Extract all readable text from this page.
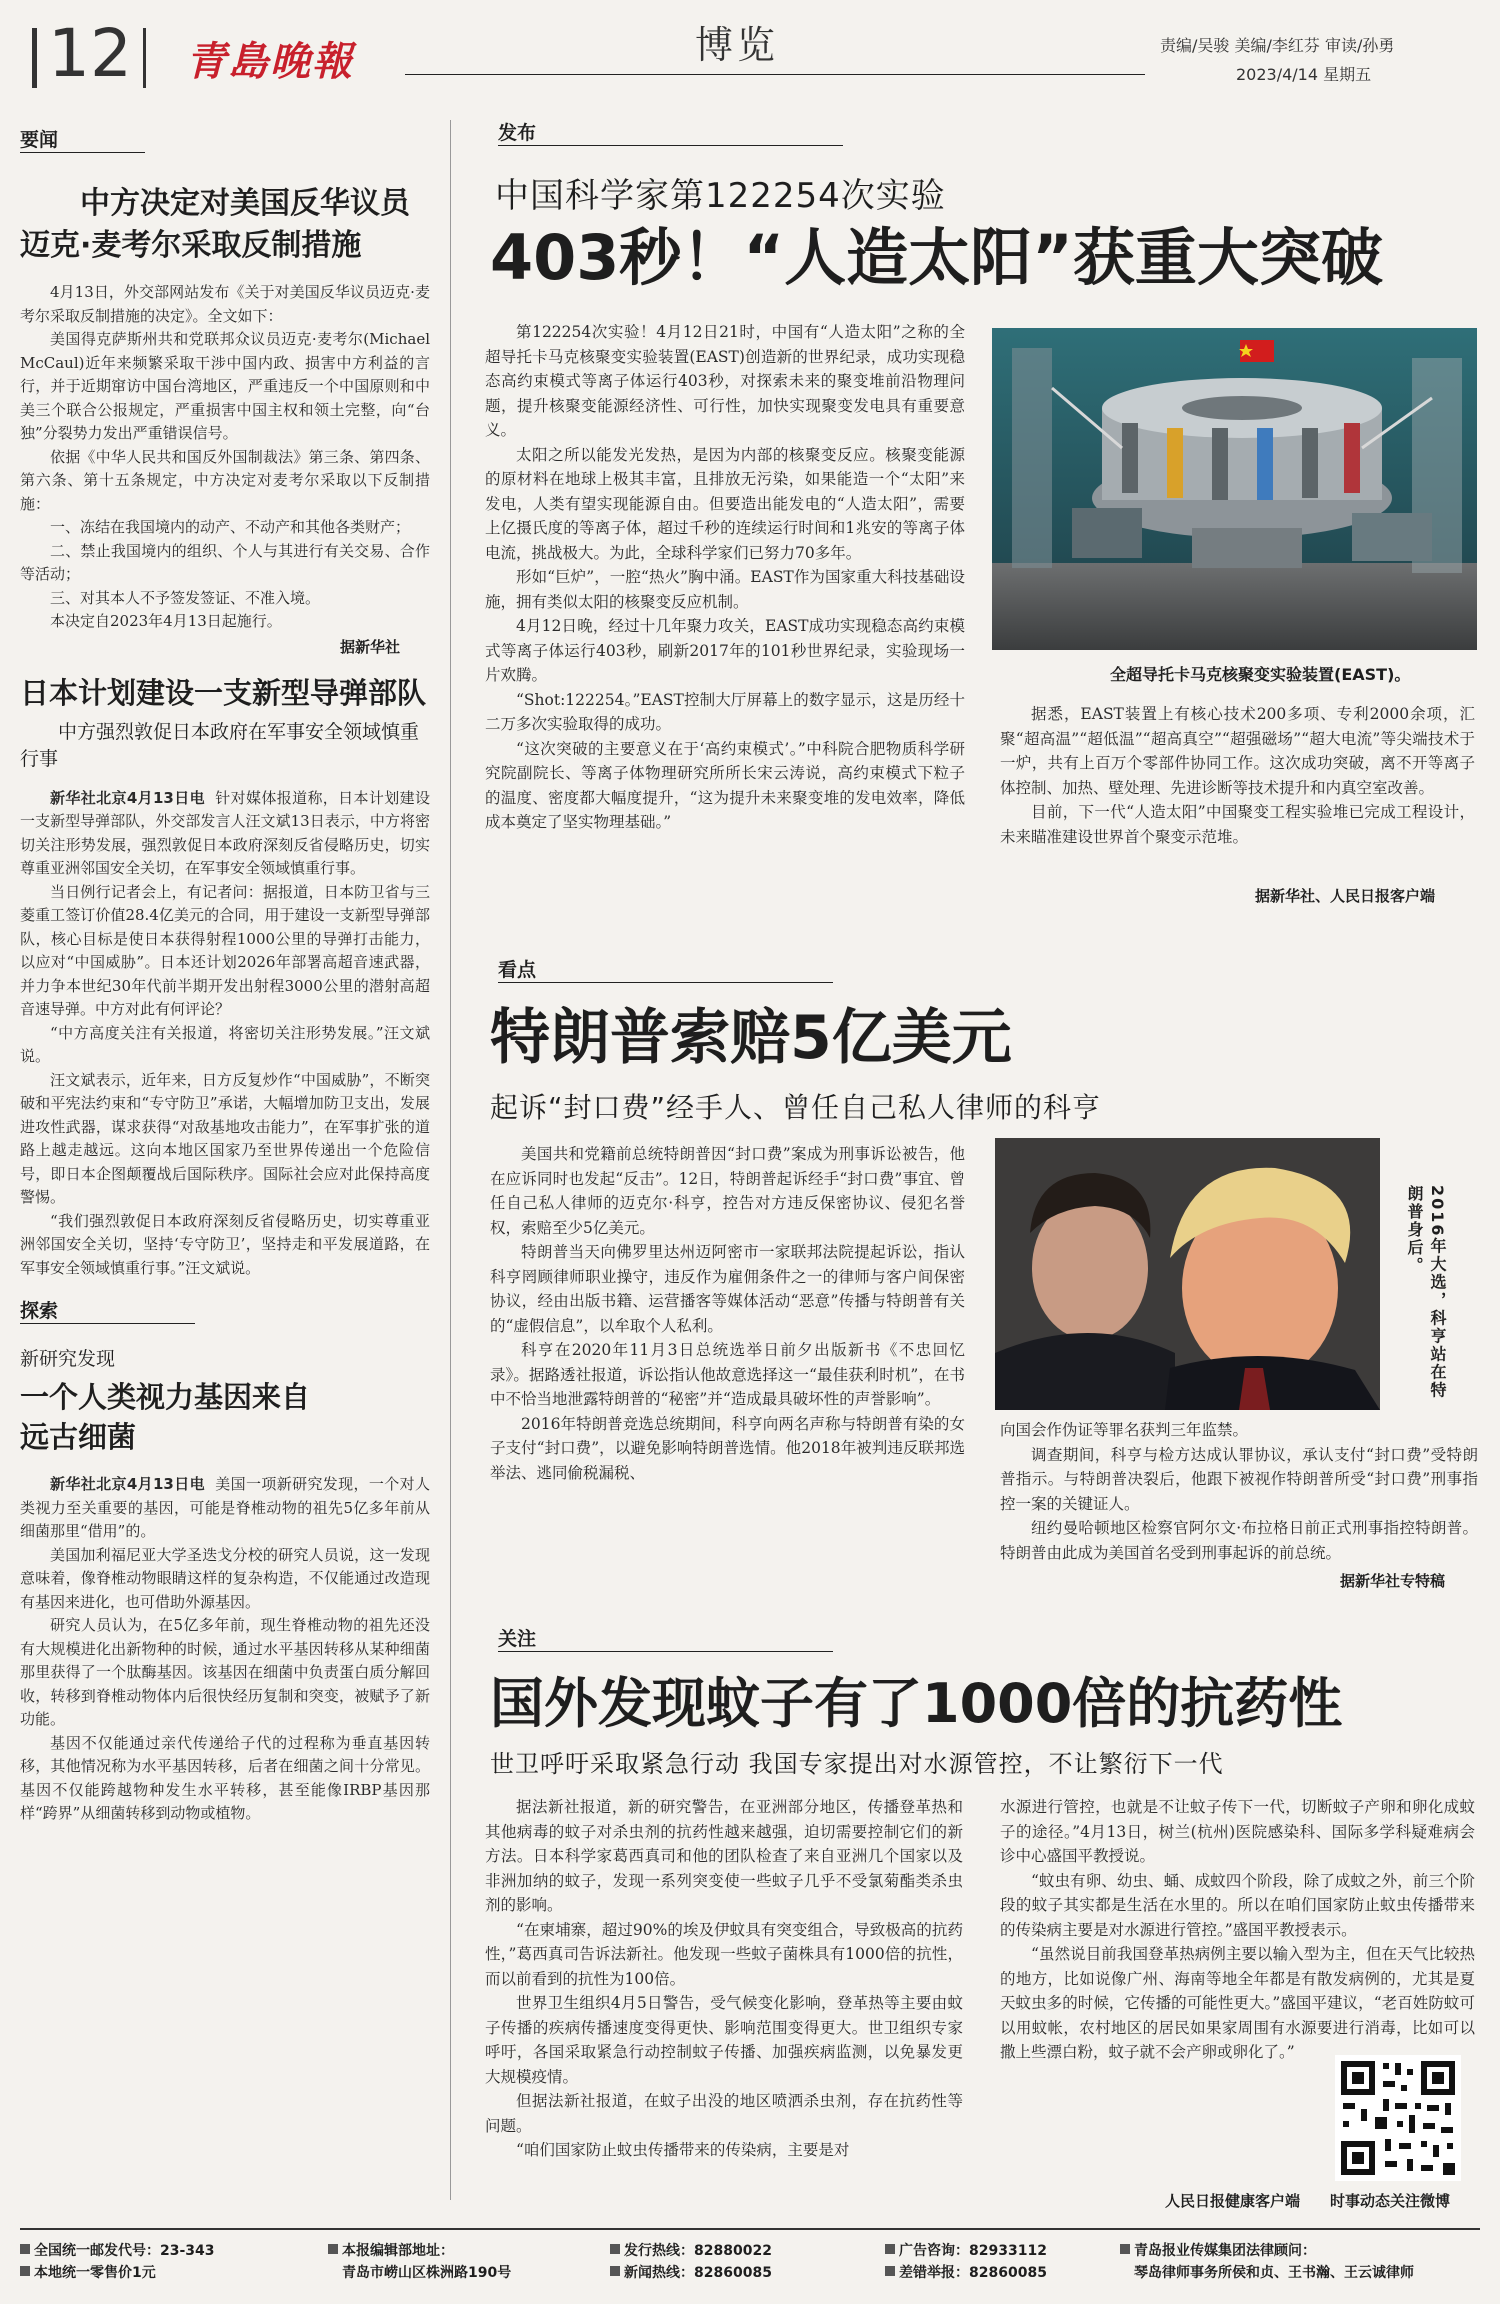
12 青島晚報	博览	责编/吴骏 美编/李红芬 审读/孙勇
2023/4/14 星期五
要闻
中方决定对美国反华议员迈克·麦考尔采取反制措施

4月13日，外交部网站发布《关于对美国反华议员迈克·麦考尔采取反制措施的决定》。全文如下：

美国得克萨斯州共和党联邦众议员迈克·麦考尔(Michael McCaul)近年来频繁采取干涉中国内政、损害中方利益的言行，并于近期窜访中国台湾地区，严重违反一个中国原则和中美三个联合公报规定，严重损害中国主权和领土完整，向“台独”分裂势力发出严重错误信号。

依据《中华人民共和国反外国制裁法》第三条、第四条、第六条、第十五条规定，中方决定对麦考尔采取以下反制措施：

一、冻结在我国境内的动产、不动产和其他各类财产；

二、禁止我国境内的组织、个人与其进行有关交易、合作等活动；

三、对其本人不予签发签证、不准入境。

本决定自2023年4月13日起施行。

据新华社
日本计划建设一支新型导弹部队
中方强烈敦促日本政府在军事安全领域慎重行事

新华社北京4月13日电 针对媒体报道称，日本计划建设一支新型导弹部队，外交部发言人汪文斌13日表示，中方将密切关注形势发展，强烈敦促日本政府深刻反省侵略历史，切实尊重亚洲邻国安全关切，在军事安全领域慎重行事。

当日例行记者会上，有记者问：据报道，日本防卫省与三菱重工签订价值28.4亿美元的合同，用于建设一支新型导弹部队，核心目标是使日本获得射程1000公里的导弹打击能力，以应对“中国威胁”。日本还计划2026年部署高超音速武器，并力争本世纪30年代前半期开发出射程3000公里的潜射高超音速导弹。中方对此有何评论？

“中方高度关注有关报道，将密切关注形势发展。”汪文斌说。

汪文斌表示，近年来，日方反复炒作“中国威胁”，不断突破和平宪法约束和“专守防卫”承诺，大幅增加防卫支出，发展进攻性武器，谋求获得“对敌基地攻击能力”，在军事扩张的道路上越走越远。这向本地区国家乃至世界传递出一个危险信号，即日本企图颠覆战后国际秩序。国际社会应对此保持高度警惕。

“我们强烈敦促日本政府深刻反省侵略历史，切实尊重亚洲邻国安全关切，坚持‘专守防卫’，坚持走和平发展道路，在军事安全领域慎重行事。”汪文斌说。

探索
新研究发现
一个人类视力基因来自远古细菌

新华社北京4月13日电 美国一项新研究发现，一个对人类视力至关重要的基因，可能是脊椎动物的祖先5亿多年前从细菌那里“借用”的。

美国加利福尼亚大学圣迭戈分校的研究人员说，这一发现意味着，像脊椎动物眼睛这样的复杂构造，不仅能通过改造现有基因来进化，也可借助外源基因。

研究人员认为，在5亿多年前，现生脊椎动物的祖先还没有大规模进化出新物种的时候，通过水平基因转移从某种细菌那里获得了一个肽酶基因。该基因在细菌中负责蛋白质分解回收，转移到脊椎动物体内后很快经历复制和突变，被赋予了新功能。

基因不仅能通过亲代传递给子代的过程称为垂直基因转移，其他情况称为水平基因转移，后者在细菌之间十分常见。基因不仅能跨越物种发生水平转移，甚至能像IRBP基因那样“跨界”从细菌转移到动物或植物。

发布
中国科学家第122254次实验
403秒！“人造太阳”获重大突破

第122254次实验！4月12日21时，中国有“人造太阳”之称的全超导托卡马克核聚变实验装置(EAST)创造新的世界纪录，成功实现稳态高约束模式等离子体运行403秒，对探索未来的聚变堆前沿物理问题，提升核聚变能源经济性、可行性，加快实现聚变发电具有重要意义。

太阳之所以能发光发热，是因为内部的核聚变反应。核聚变能源的原材料在地球上极其丰富，且排放无污染，如果能造一个“太阳”来发电，人类有望实现能源自由。但要造出能发电的“人造太阳”，需要上亿摄氏度的等离子体，超过千秒的连续运行时间和1兆安的等离子体电流，挑战极大。为此，全球科学家们已努力70多年。

形如“巨炉”，一腔“热火”胸中涌。EAST作为国家重大科技基础设施，拥有类似太阳的核聚变反应机制。

4月12日晚，经过十几年聚力攻关，EAST成功实现稳态高约束模式等离子体运行403秒，刷新2017年的101秒世界纪录，实验现场一片欢腾。

“Shot:122254。”EAST控制大厅屏幕上的数字显示，这是历经十二万多次实验取得的成功。

“这次突破的主要意义在于‘高约束模式’。”中科院合肥物质科学研究院副院长、等离子体物理研究所所长宋云涛说，高约束模式下粒子的温度、密度都大幅度提升，“这为提升未来聚变堆的发电效率，降低成本奠定了坚实物理基础。”

全超导托卡马克核聚变实验装置(EAST)。

据悉，EAST装置上有核心技术200多项、专利2000余项，汇聚“超高温”“超低温”“超高真空”“超强磁场”“超大电流”等尖端技术于一炉，共有上百万个零部件协同工作。这次成功突破，离不开等离子体控制、加热、壁处理、先进诊断等技术提升和内真空室改善。

目前，下一代“人造太阳”中国聚变工程实验堆已完成工程设计，未来瞄准建设世界首个聚变示范堆。

据新华社、人民日报客户端
看点
特朗普索赔5亿美元
起诉“封口费”经手人、曾任自己私人律师的科亨

美国共和党籍前总统特朗普因“封口费”案成为刑事诉讼被告，他在应诉同时也发起“反击”。12日，特朗普起诉经手“封口费”事宜、曾任自己私人律师的迈克尔·科亨，控告对方违反保密协议、侵犯名誉权，索赔至少5亿美元。

特朗普当天向佛罗里达州迈阿密市一家联邦法院提起诉讼，指认科亨罔顾律师职业操守，违反作为雇佣条件之一的律师与客户间保密协议，经由出版书籍、运营播客等媒体活动“恶意”传播与特朗普有关的“虚假信息”，以牟取个人私利。

科亨在2020年11月3日总统选举日前夕出版新书《不忠回忆录》。据路透社报道，诉讼指认他故意选择这一“最佳获利时机”，在书中不恰当地泄露特朗普的“秘密”并“造成最具破坏性的声誉影响”。

2016年特朗普竞选总统期间，科亨向两名声称与特朗普有染的女子支付“封口费”，以避免影响特朗普选情。他2018年被判违反联邦选举法、逃同偷税漏税、

2016年大选，科亨站在特朗普身后。

向国会作伪证等罪名获判三年监禁。

调查期间，科亨与检方达成认罪协议，承认支付“封口费”受特朗普指示。与特朗普决裂后，他跟下被视作特朗普所受“封口费”刑事指控一案的关键证人。

纽约曼哈顿地区检察官阿尔文·布拉格日前正式刑事指控特朗普。特朗普由此成为美国首名受到刑事起诉的前总统。

据新华社专特稿
关注
国外发现蚊子有了1000倍的抗药性
世卫呼吁采取紧急行动 我国专家提出对水源管控，不让繁衍下一代

据法新社报道，新的研究警告，在亚洲部分地区，传播登革热和其他病毒的蚊子对杀虫剂的抗药性越来越强，迫切需要控制它们的新方法。日本科学家葛西真司和他的团队检查了来自亚洲几个国家以及非洲加纳的蚊子，发现一系列突变使一些蚊子几乎不受氯菊酯类杀虫剂的影响。

“在柬埔寨，超过90%的埃及伊蚊具有突变组合，导致极高的抗药性，”葛西真司告诉法新社。他发现一些蚊子菌株具有1000倍的抗性，而以前看到的抗性为100倍。

世界卫生组织4月5日警告，受气候变化影响，登革热等主要由蚊子传播的疾病传播速度变得更快、影响范围变得更大。世卫组织专家呼吁，各国采取紧急行动控制蚊子传播、加强疾病监测，以免暴发更大规模疫情。

但据法新社报道，在蚊子出没的地区喷洒杀虫剂，存在抗药性等问题。

“咱们国家防止蚊虫传播带来的传染病，主要是对

水源进行管控，也就是不让蚊子传下一代，切断蚊子产卵和卵化成蚊子的途径。”4月13日，树兰(杭州)医院感染科、国际多学科疑难病会诊中心盛国平教授说。

“蚊虫有卵、幼虫、蛹、成蚊四个阶段，除了成蚊之外，前三个阶段的蚊子其实都是生活在水里的。所以在咱们国家防止蚊虫传播带来的传染病主要是对水源进行管控。”盛国平教授表示。

“虽然说目前我国登革热病例主要以输入型为主，但在天气比较热的地方，比如说像广州、海南等地全年都是有散发病例的，尤其是夏天蚊虫多的时候，它传播的可能性更大。”盛国平建议，“老百姓防蚊可以用蚊帐，农村地区的居民如果家周围有水源要进行消毒，比如可以撒上些漂白粉，蚊子就不会产卵或卵化了。”

人民日报健康客户端 时事动态关注微博
全国统一邮发代号：23-343
本地统一零售价1元
本报编辑部地址：
青岛市崂山区株洲路190号
发行热线：82880022
新闻热线：82860085
广告咨询：82933112
差错举报：82860085
青岛报业传媒集团法律顾问：
琴岛律师事务所侯和贞、王书瀚、王云诚律师
